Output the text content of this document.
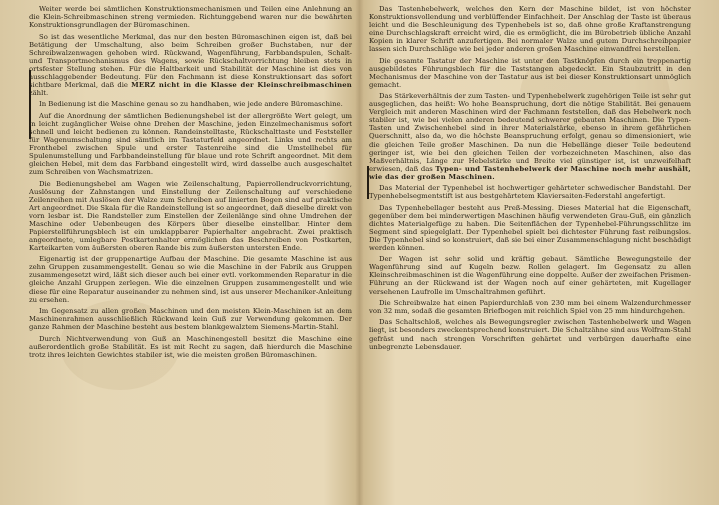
Weiter werde bei sämtlichen Konstruktionsmechanismen und Teilen eine Anlehnung an die Klein-Schreibmaschinen streng vermieden. Richtunggebend waren nur die bewährten Konstruktionsgrundlagen der Büromaschinen.

So ist das wesentliche Merkmal, das nur den besten Büromaschinen eigen ist, daß bei Betätigung der Umschaltung, also beim Schreiben großer Buchstaben, nur der Schreibwalzenwagen gehoben wird. Rückwand, Wagenführung, Farbbandspulen, Schalt- und Transportmechanismus des Wagens, sowie Rückschaltvorrichtung bleiben stets in ortsfester Stellung stehen. Für die Haltbarkeit und Stabilität der Maschine ist dies von ausschlaggebender Bedeutung. Für den Fachmann ist diese Konstruktionsart das sofort sichtbare Merkmal, daß die MERZ nicht in die Klasse der Kleinschreibmaschinen zählt.

In Bedienung ist die Maschine genau so zu handhaben, wie jede andere Büromaschine.

Auf die Anordnung der sämtlichen Bedienungshebel ist der allergrößte Wert gelegt, um in leicht zugänglicher Weise ohne Drehen der Maschine, jeden Einzelmechanismus sofort schnell und leicht bedienen zu können. Randeinstelltaste, Rückschalttaste und Feststeller für Wagenumschaltung sind sämtlich im Tastaturfeld angeordnet. Links und rechts am Fronthebel zwischen Spule und erster Tastenreihe sind die Umstellhebel für Spulenumstellung und Farbbandeinstellung für blaue und rote Schrift angeordnet. Mit dem gleichen Hebel, mit dem das Farbband eingestellt wird, wird dasselbe auch ausgeschaltet zum Schreiben von Wachsmatrizen.

Die Bedienungshebel am Wagen wie Zeilenschaltung, Papierrollendruckvorrichtung, Auslösung der Zahnstangen und Einstellung der Zeilenschaltung auf verschiedene Zeilenreihen mit Auslösen der Walze zum Schreiben auf linierten Bogen sind auf praktische Art angeordnet. Die Skala für die Randeinstellung ist so angeordnet, daß dieselbe direkt von vorn lesbar ist. Die Randsteller zum Einstellen der Zeilenlänge sind ohne Umdrehen der Maschine oder Uebenbeugen des Körpers über dieselbe einstellbar. Hinter dem Papierstellführungsblech ist ein umklappbarer Papierhalter angebracht. Zwei praktisch angeordnete, umlegbare Postkartenhalter ermöglichen das Beschreiben von Postkarten, Karteikarten vom äußersten oberen Rande bis zum äußersten untersten Ende.

Eigenartig ist der gruppenartige Aufbau der Maschine. Die gesamte Maschine ist aus zehn Gruppen zusammengestellt. Genau so wie die Maschine in der Fabrik aus Gruppen zusammengesetzt wird, läßt sich dieser auch bei einer evtl. vorkommenden Reparatur in die gleiche Anzahl Gruppen zerlegen. Wie die einzelnen Gruppen zusammengestellt und wie diese für eine Reparatur auseinander zu nehmen sind, ist aus unserer Mechaniker-Anleitung zu ersehen.

Im Gegensatz zu allen großen Maschinen und den meisten Klein-Maschinen ist an dem Maschinenrahmen ausschließlich Rückwand kein Guß zur Verwendung gekommen. Der ganze Rahmen der Maschine besteht aus bestem blankgewalztem Siemens-Martin-Stahl.

Durch Nichtverwendung von Guß an Maschinengestell besitzt die Maschine eine außerordentlich große Stabilität. Es ist mit Recht zu sagen, daß hierdurch die Maschine trotz ihres leichten Gewichtes stabiler ist, wie die meisten großen Büromaschinen.

Das Tastenhebelwerk, welches den Kern der Maschine bildet, ist von höchster Konstruktionsvollendung und verblüffender Einfachheit. Der Anschlag der Taste ist überaus leicht und die Beschleunigung des Typenhebels ist so, daß ohne große Kraftanstrengung eine Durchschlagskraft erreicht wird, die es ermöglicht, die im Bürobetrieb übliche Anzahl Kopien in klarer Schrift anzufertigen. Bei normaler Walze und gutem Durchschreibpapier lassen sich Durchschläge wie bei jeder anderen großen Maschine einwandfrei herstellen.

Die gesamte Tastatur der Maschine ist unter den Tastknöpfen durch ein treppenartig ausgebildetes Führungsblech für die Taststangen abgedeckt. Ein Staubzutritt in den Mechanismus der Maschine von der Tastatur aus ist bei dieser Konstruktionsart unmöglich gemacht.

Das Stärkeverhältnis der zum Tasten- und Typenhebelwerk zugehörigen Teile ist sehr gut ausgeglichen, das heißt: Wo hohe Beanspruchung, dort die nötige Stabilität. Bei genauem Vergleich mit anderen Maschinen wird der Fachmann feststellen, daß das Hebelwerk noch stabiler ist, wie bei vielen anderen bedeutend schwerer gebauten Maschinen. Die Typen-Tasten und Zwischenhebel sind in ihrer Materialstärke, ebenso in ihrem gefährlichen Querschnitt, also da, wo die höchste Beanspruchung erfolgt, genau so dimensioniert, wie die gleichen Teile großer Maschinen. Da nun die Hebellänge dieser Teile bedeutend geringer ist, wie bei den gleichen Teilen der vorbezeichneten Maschinen, also das Maßverhältnis, Länge zur Hebelstärke und Breite viel günstiger ist, ist unzweifelhaft erwiesen, daß das Typen- und Tastenhebelwerk der Maschine noch mehr aushält, wie das der großen Maschinen.

Das Material der Typenhebel ist hochwertiger gehärteter schwedischer Bandstahl. Der Typenhebelsegmentstift ist aus bestgehärtetem Klaviersaiten-Federstahl angefertigt.

Das Typenhebellager besteht aus Preß-Messing. Dieses Material hat die Eigenschaft, gegenüber dem bei minderwertigen Maschinen häufig verwendeten Grau-Guß, ein gänzlich dichtes Materialgefüge zu haben. Die Seitenflächen der Typenhebel-Führungsschlitze im Segment sind spiegelglatt. Der Typenhebel spielt bei dichtester Führung fast reibungslos. Die Typenhebel sind so konstruiert, daß sie bei einer Zusammenschlagung nicht beschädigt werden können.

Der Wagen ist sehr solid und kräftig gebaut. Sämtliche Bewegungsteile der Wagenführung sind auf Kugeln bezw. Rollen gelagert. Im Gegensatz zu allen Kleinschreibmaschinen ist die Wagenführung eine doppelte. Außer der zweifachen Prismen-Führung an der Rückwand ist der Wagen noch auf einer gehärteten, mit Kugellager versehenen Laufrolle im Umschaltrahmen geführt.

Die Schreibwalze hat einen Papierdurchlaß von 230 mm bei einem Walzendurchmesser von 32 mm, sodaß die gesamten Briefbogen mit reichlich Spiel von 25 mm hindurchgehen.

Das Schaltschloß, welches als Bewegungsregler zwischen Tastenhebelwerk und Wagen liegt, ist besonders zweckentsprechend konstruiert. Die Schaltzähne sind aus Wolfram-Stahl gefräst und nach strengen Vorschriften gehärtet und verbürgen dauerhafte eine unbegrenzte Lebensdauer.
